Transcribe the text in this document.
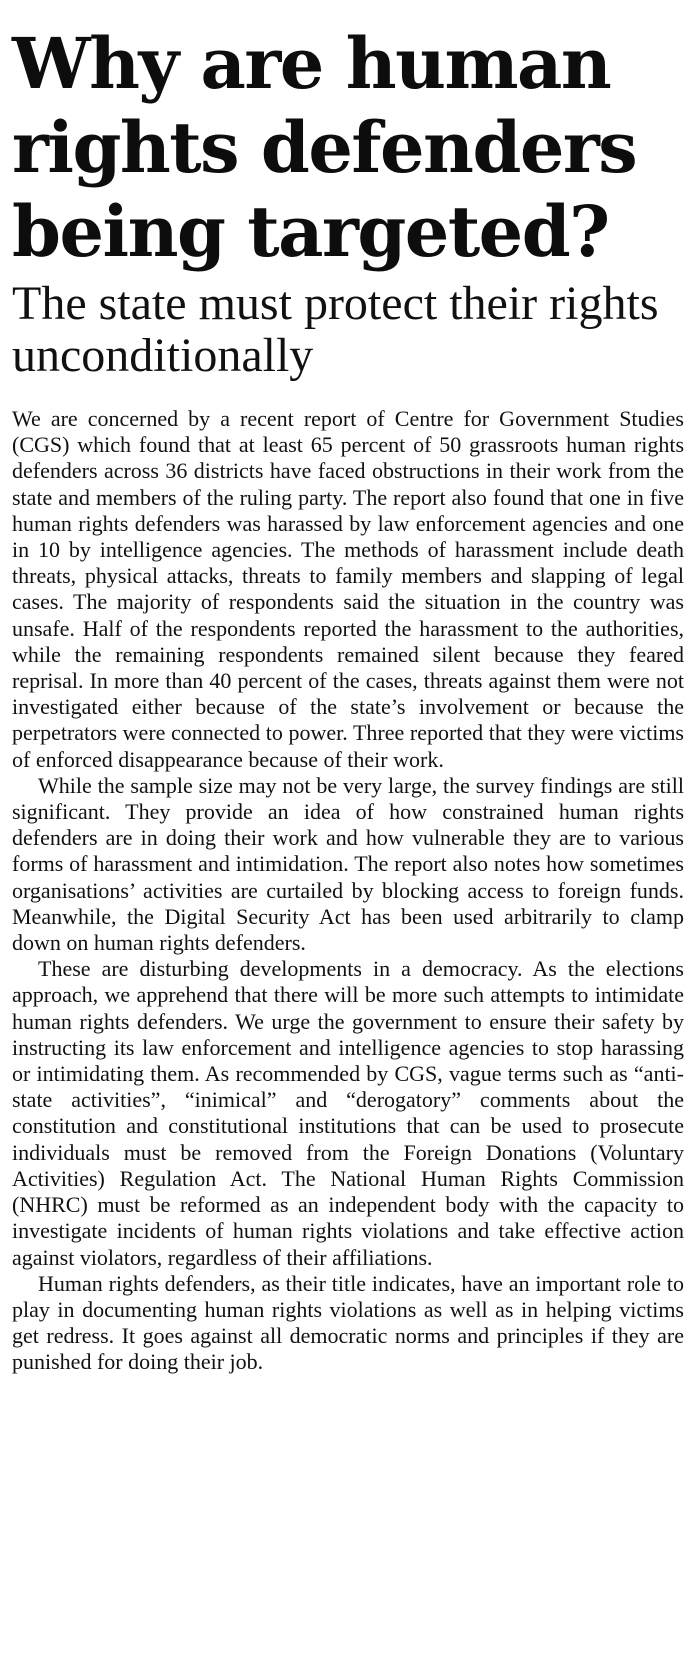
Why are human rights defenders being targeted?
The state must protect their rights unconditionally

We are concerned by a recent report of Centre for Government Studies (CGS) which found that at least 65 percent of 50 grassroots human rights defenders across 36 districts have faced obstructions in their work from the state and members of the ruling party. The report also found that one in five human rights defenders was harassed by law enforcement agencies and one in 10 by intelligence agencies. The methods of harassment include death threats, physical attacks, threats to family members and slapping of legal cases. The majority of respondents said the situation in the country was unsafe. Half of the respondents reported the harassment to the authorities, while the remaining respondents remained silent because they feared reprisal. In more than 40 percent of the cases, threats against them were not investigated either because of the state’s involvement or because the perpetrators were connected to power. Three reported that they were victims of enforced disappearance because of their work.

While the sample size may not be very large, the survey findings are still significant. They provide an idea of how constrained human rights defenders are in doing their work and how vulnerable they are to various forms of harassment and intimidation. The report also notes how sometimes organisations’ activities are curtailed by blocking access to foreign funds. Meanwhile, the Digital Security Act has been used arbitrarily to clamp down on human rights defenders.

These are disturbing developments in a democracy. As the elections approach, we apprehend that there will be more such attempts to intimidate human rights defenders. We urge the government to ensure their safety by instructing its law enforcement and intelligence agencies to stop harassing or intimidating them. As recommended by CGS, vague terms such as “anti-state activities”, “inimical” and “derogatory” comments about the constitution and constitutional institutions that can be used to prosecute individuals must be removed from the Foreign Donations (Voluntary Activities) Regulation Act. The National Human Rights Commission (NHRC) must be reformed as an independent body with the capacity to investigate incidents of human rights violations and take effective action against violators, regardless of their affiliations.

Human rights defenders, as their title indicates, have an important role to play in documenting human rights violations as well as in helping victims get redress. It goes against all democratic norms and principles if they are punished for doing their job.
